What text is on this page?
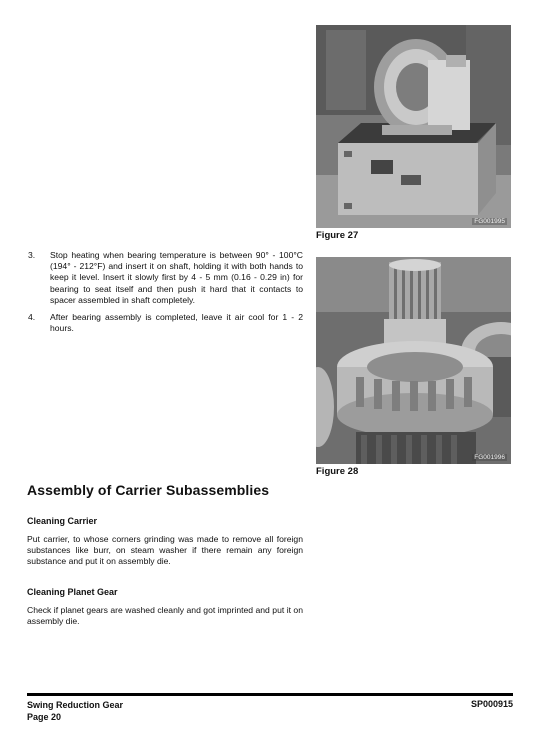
FG001995
Figure 27
FG001996
Figure 28
3. Stop heating when bearing temperature is between 90° - 100°C (194° - 212°F) and insert it on shaft, holding it with both hands to keep it level. Insert it slowly first by 4 - 5 mm (0.16 - 0.29 in) for bearing to seat itself and then push it hard that it contacts to spacer assembled in shaft completely.
4. After bearing assembly is completed, leave it air cool for 1 - 2 hours.
Assembly of Carrier Subassemblies
Cleaning Carrier

Put carrier, to whose corners grinding was made to remove all foreign substances like burr, on steam washer if there remain any foreign substance and put it on assembly die.

Cleaning Planet Gear

Check if planet gears are washed cleanly and got imprinted and put it on assembly die.

Swing Reduction Gear
Page 20
SP000915
